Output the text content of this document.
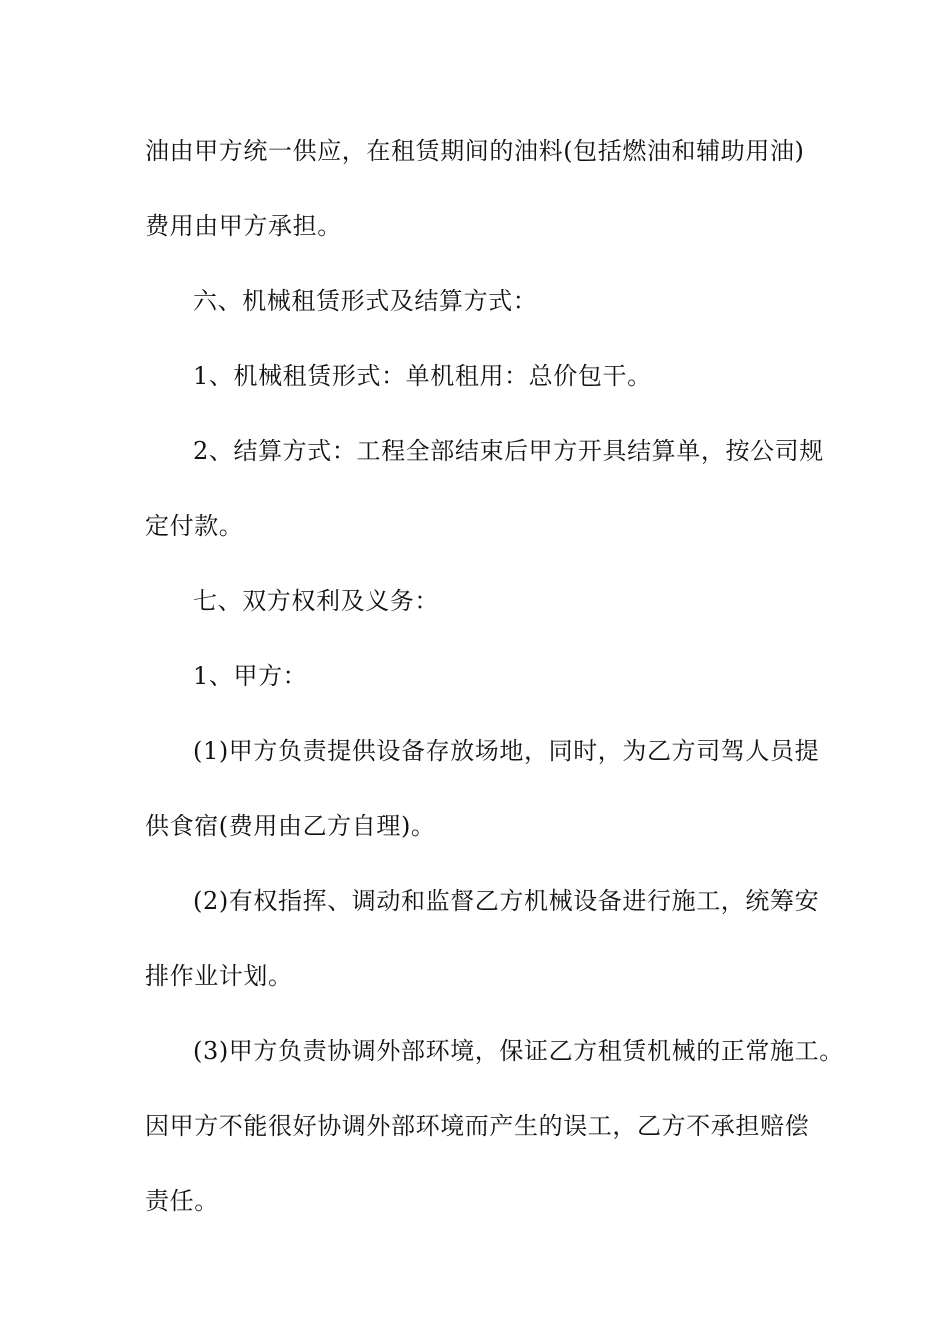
油由甲方统一供应，在租赁期间的油料(包括燃油和辅助用油)
费用由甲方承担。
六、机械租赁形式及结算方式：
1、机械租赁形式：单机租用：总价包干。
2、结算方式：工程全部结束后甲方开具结算单，按公司规
定付款。
七、双方权利及义务：
1、甲方：
(1)甲方负责提供设备存放场地，同时，为乙方司驾人员提
供食宿(费用由乙方自理)。
(2)有权指挥、调动和监督乙方机械设备进行施工，统筹安
排作业计划。
(3)甲方负责协调外部环境，保证乙方租赁机械的正常施工。
因甲方不能很好协调外部环境而产生的误工，乙方不承担赔偿
责任。
